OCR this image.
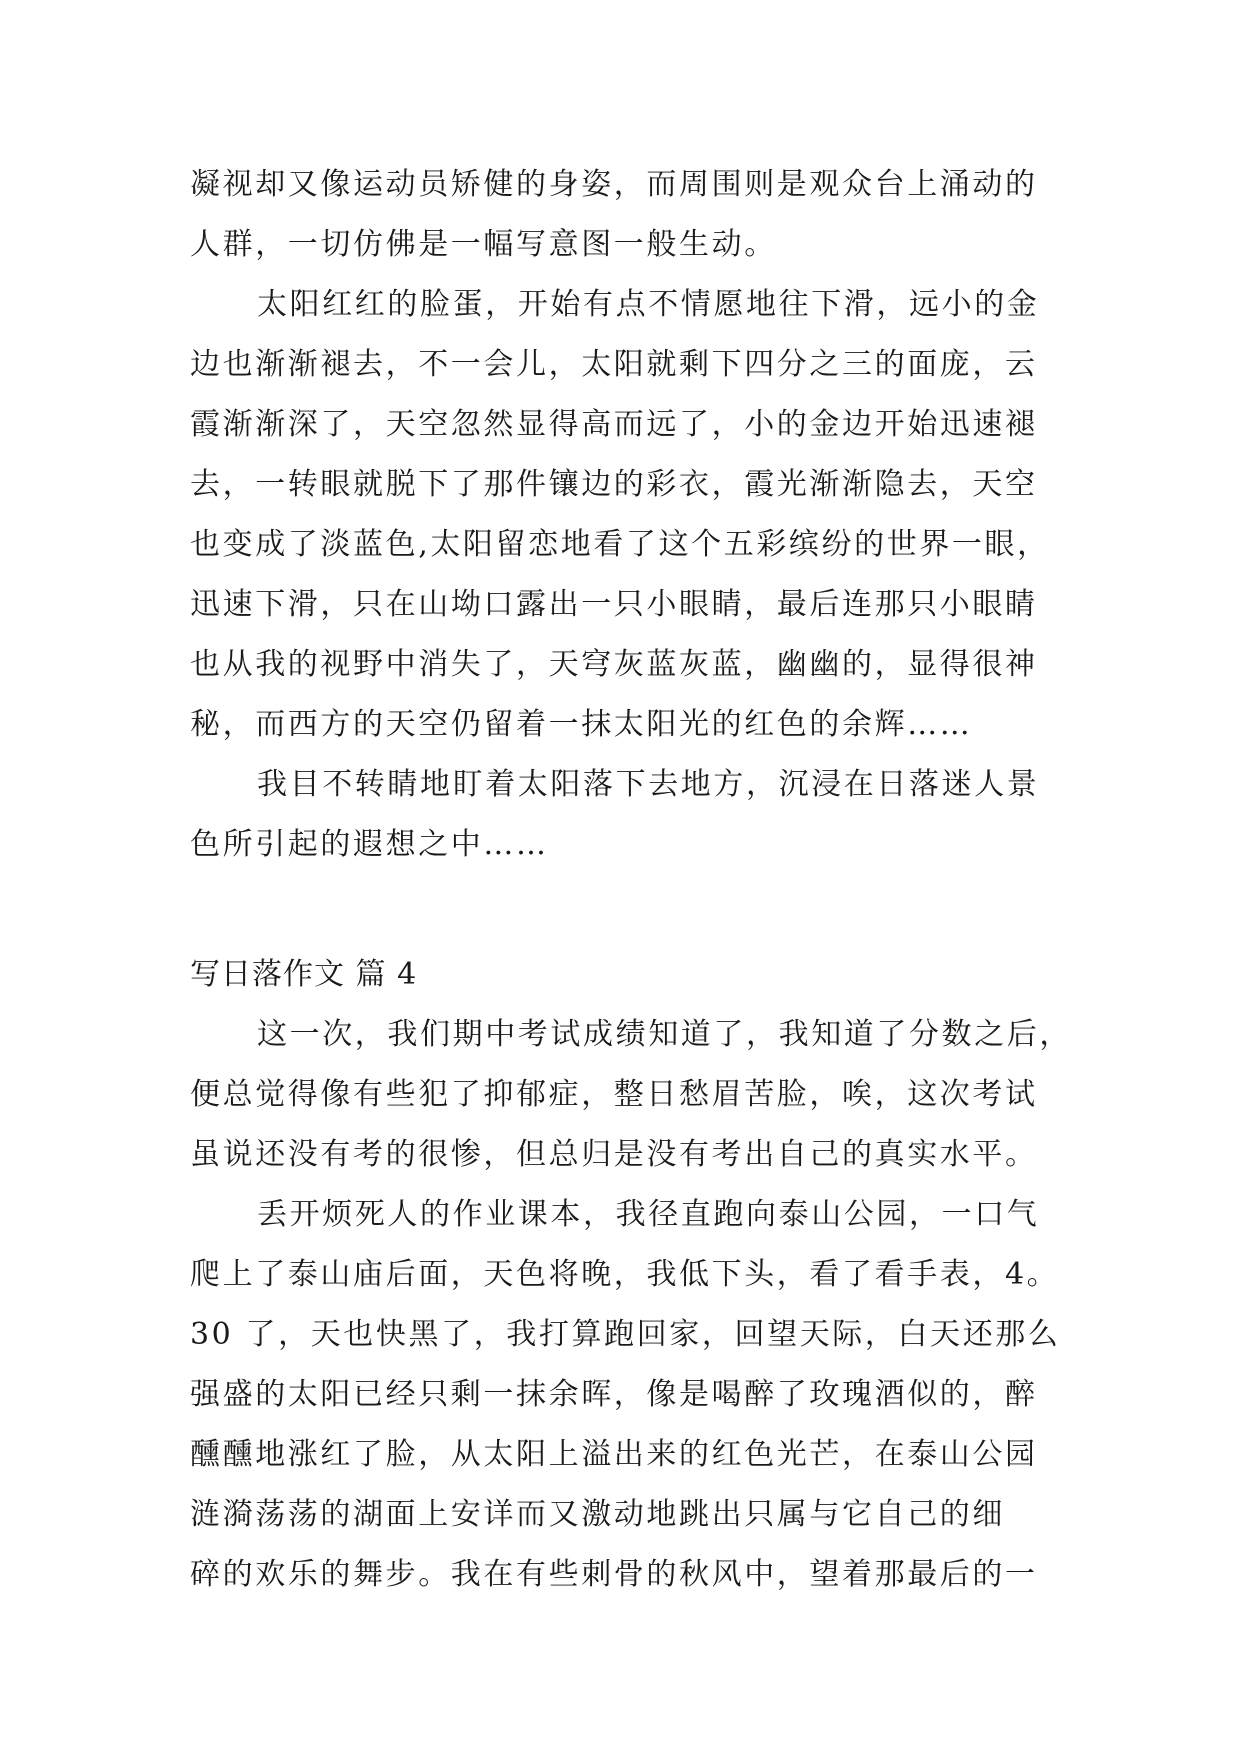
凝视却又像运动员矫健的身姿，而周围则是观众台上涌动的
人群，一切仿佛是一幅写意图一般生动。
太阳红红的脸蛋，开始有点不情愿地往下滑，远小的金
边也渐渐褪去，不一会儿，太阳就剩下四分之三的面庞，云
霞渐渐深了，天空忽然显得高而远了，小的金边开始迅速褪
去，一转眼就脱下了那件镶边的彩衣，霞光渐渐隐去，天空
也变成了淡蓝色,太阳留恋地看了这个五彩缤纷的世界一眼，
迅速下滑，只在山坳口露出一只小眼睛，最后连那只小眼睛
也从我的视野中消失了，天穹灰蓝灰蓝，幽幽的，显得很神
秘，而西方的天空仍留着一抹太阳光的红色的余辉……
我目不转睛地盯着太阳落下去地方，沉浸在日落迷人景
色所引起的遐想之中……
写日落作文 篇 4
这一次，我们期中考试成绩知道了，我知道了分数之后，
便总觉得像有些犯了抑郁症，整日愁眉苦脸，唉，这次考试
虽说还没有考的很惨，但总归是没有考出自己的真实水平。
丢开烦死人的作业课本，我径直跑向泰山公园，一口气
爬上了泰山庙后面，天色将晚，我低下头，看了看手表，4。
30 了，天也快黑了，我打算跑回家，回望天际，白天还那么
强盛的太阳已经只剩一抹余晖，像是喝醉了玫瑰酒似的，醉
醺醺地涨红了脸，从太阳上溢出来的红色光芒，在泰山公园
涟漪荡荡的湖面上安详而又激动地跳出只属与它自己的细
碎的欢乐的舞步。我在有些刺骨的秋风中，望着那最后的一
